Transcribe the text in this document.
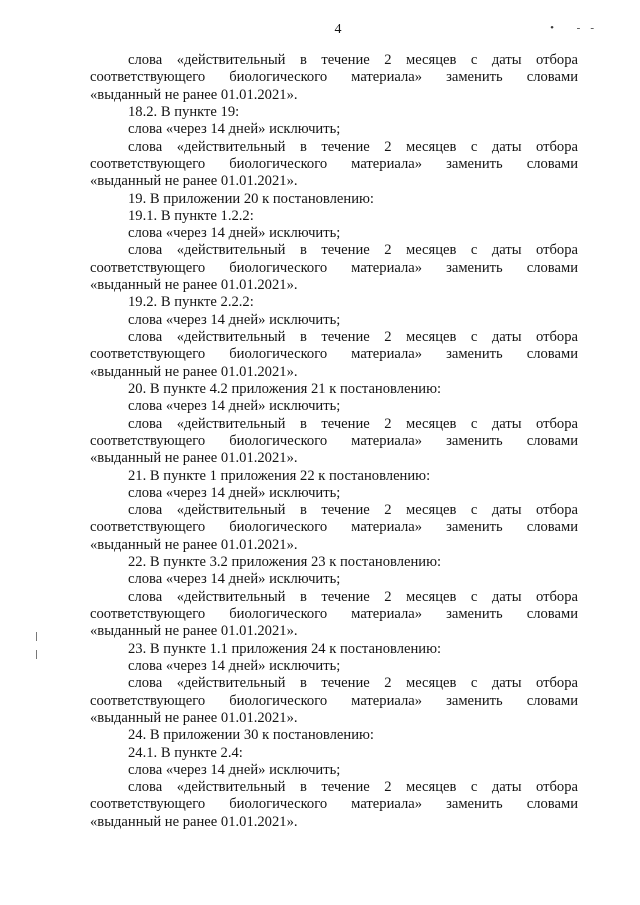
4	• ‐‐
слова «действительный в течение 2 месяцев с даты отбора
соответствующего биологического материала» заменить словами
«выданный не ранее 01.01.2021».
18.2. В пункте 19:
слова «через 14 дней» исключить;
слова «действительный в течение 2 месяцев с даты отбора
соответствующего биологического материала» заменить словами
«выданный не ранее 01.01.2021».
19. В приложении 20 к постановлению:
19.1. В пункте 1.2.2:
слова «через 14 дней» исключить;
слова «действительный в течение 2 месяцев с даты отбора
соответствующего биологического материала» заменить словами
«выданный не ранее 01.01.2021».
19.2. В пункте 2.2.2:
слова «через 14 дней» исключить;
слова «действительный в течение 2 месяцев с даты отбора
соответствующего биологического материала» заменить словами
«выданный не ранее 01.01.2021».
20. В пункте 4.2 приложения 21 к постановлению:
слова «через 14 дней» исключить;
слова «действительный в течение 2 месяцев с даты отбора
соответствующего биологического материала» заменить словами
«выданный не ранее 01.01.2021».
21. В пункте 1 приложения 22 к постановлению:
слова «через 14 дней» исключить;
слова «действительный в течение 2 месяцев с даты отбора
соответствующего биологического материала» заменить словами
«выданный не ранее 01.01.2021».
22. В пункте 3.2 приложения 23 к постановлению:
слова «через 14 дней» исключить;
слова «действительный в течение 2 месяцев с даты отбора
соответствующего биологического материала» заменить словами
«выданный не ранее 01.01.2021».
23. В пункте 1.1 приложения 24 к постановлению:
слова «через 14 дней» исключить;
слова «действительный в течение 2 месяцев с даты отбора
соответствующего биологического материала» заменить словами
«выданный не ранее 01.01.2021».
24. В приложении 30 к постановлению:
24.1. В пункте 2.4:
слова «через 14 дней» исключить;
слова «действительный в течение 2 месяцев с даты отбора
соответствующего биологического материала» заменить словами
«выданный не ранее 01.01.2021».
